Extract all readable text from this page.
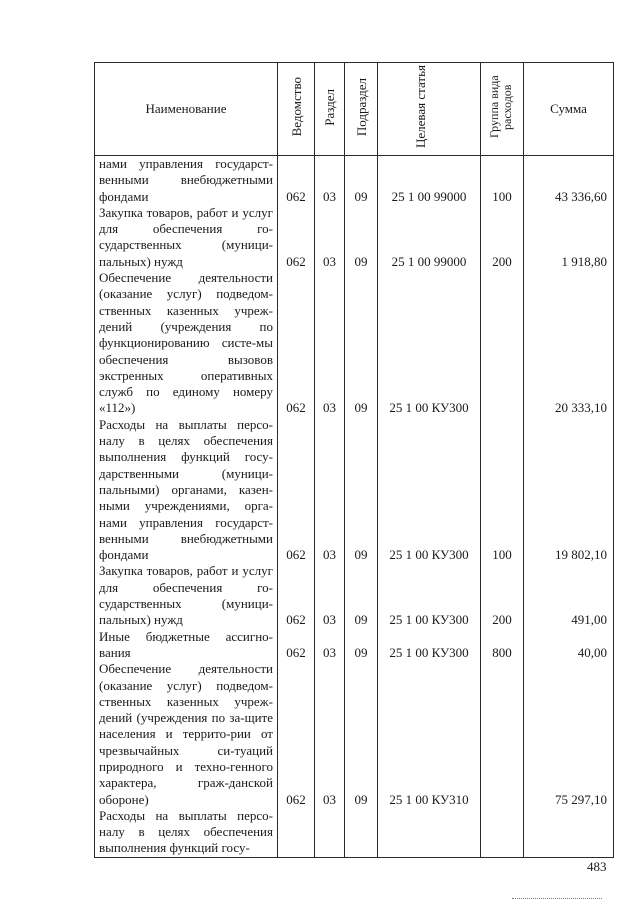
Наименование	Ведомство	Раздел	Подраздел	Целевая статья	Группа вида расходов	Сумма
нами управления государст-венными внебюджетными фондами	062	03	09	25 1 00 99000	100	43 336,60
Закупка товаров, работ и услуг для обеспечения го-сударственных (муници-пальных) нужд	062	03	09	25 1 00 99000	200	1 918,80
Обеспечение деятельности (оказание услуг) подведом-ственных казенных учреж-дений (учреждения по функционированию систе-мы обеспечения вызовов экстренных оперативных служб по единому номеру «112»)	062	03	09	25 1 00 КУ300		20 333,10
Расходы на выплаты персо-налу в целях обеспечения выполнения функций госу-дарственными (муници-пальными) органами, казен-ными учреждениями, орга-нами управления государст-венными внебюджетными фондами	062	03	09	25 1 00 КУ300	100	19 802,10
Закупка товаров, работ и услуг для обеспечения го-сударственных (муници-пальных) нужд	062	03	09	25 1 00 КУ300	200	491,00
Иные бюджетные ассигно-вания	062	03	09	25 1 00 КУ300	800	40,00
Обеспечение деятельности (оказание услуг) подведом-ственных казенных учреж-дений (учреждения по за-щите населения и террито-рии от чрезвычайных си-туаций природного и техно-генного характера, граж-данской обороне)	062	03	09	25 1 00 КУ310		75 297,10
Расходы на выплаты персо-налу в целях обеспечения выполнения функций госу-						
483
